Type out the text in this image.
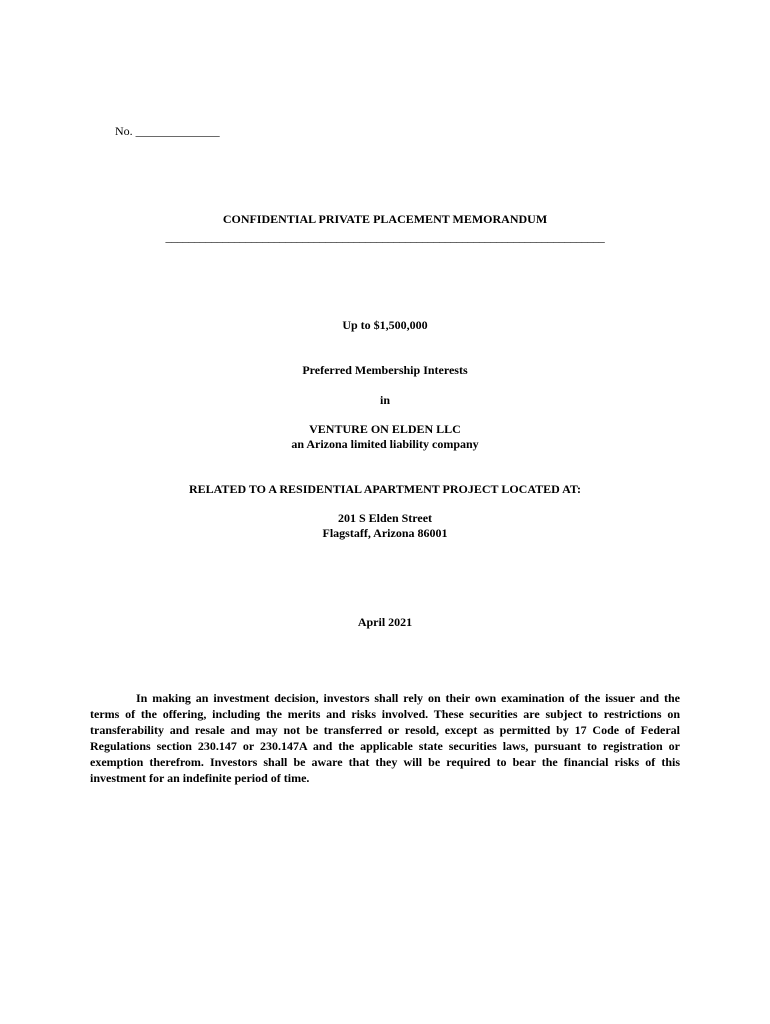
No. ______________
CONFIDENTIAL PRIVATE PLACEMENT MEMORANDUM
_____________________________________________________________________________
Up to $1,500,000
Preferred Membership Interests
in
VENTURE ON ELDEN LLC
an Arizona limited liability company
RELATED TO A RESIDENTIAL APARTMENT PROJECT LOCATED AT:
201 S Elden Street
Flagstaff, Arizona 86001
April 2021
In making an investment decision, investors shall rely on their own examination of the issuer and the terms of the offering, including the merits and risks involved. These securities are subject to restrictions on transferability and resale and may not be transferred or resold, except as permitted by 17 Code of Federal Regulations section 230.147 or 230.147A and the applicable state securities laws, pursuant to registration or exemption therefrom. Investors shall be aware that they will be required to bear the financial risks of this investment for an indefinite period of time.
